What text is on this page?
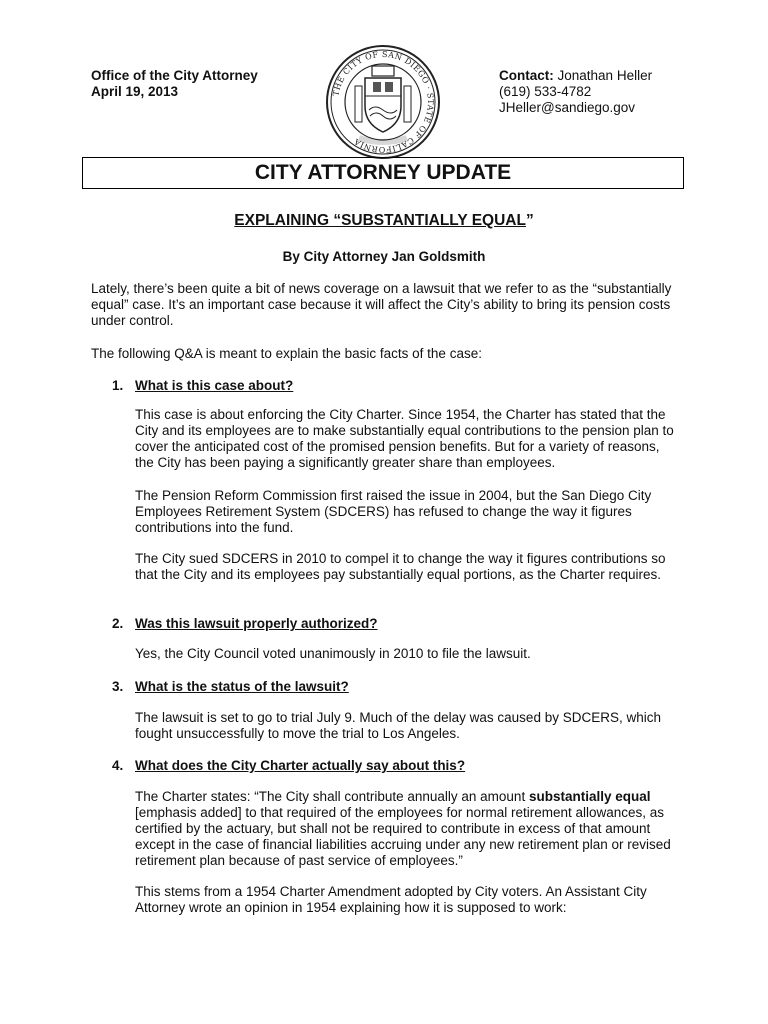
Office of the City Attorney
April 19, 2013	THE CITY OF SAN DIEGO · STATE OF CALIFORNIA
Contact: Jonathan Heller
(619) 533-4782
JHeller@sandiego.gov
CITY ATTORNEY UPDATE
EXPLAINING “SUBSTANTIALLY EQUAL”
By City Attorney Jan Goldsmith
Lately, there’s been quite a bit of news coverage on a lawsuit that we refer to as the “substantially equal” case. It’s an important case because it will affect the City’s ability to bring its pension costs under control.
The following Q&A is meant to explain the basic facts of the case:
1. What is this case about?
This case is about enforcing the City Charter. Since 1954, the Charter has stated that the City and its employees are to make substantially equal contributions to the pension plan to cover the anticipated cost of the promised pension benefits. But for a variety of reasons, the City has been paying a significantly greater share than employees.
The Pension Reform Commission first raised the issue in 2004, but the San Diego City Employees Retirement System (SDCERS) has refused to change the way it figures contributions into the fund.
The City sued SDCERS in 2010 to compel it to change the way it figures contributions so that the City and its employees pay substantially equal portions, as the Charter requires.
2. Was this lawsuit properly authorized?
Yes, the City Council voted unanimously in 2010 to file the lawsuit.
3. What is the status of the lawsuit?
The lawsuit is set to go to trial July 9. Much of the delay was caused by SDCERS, which fought unsuccessfully to move the trial to Los Angeles.
4. What does the City Charter actually say about this?
The Charter states: “The City shall contribute annually an amount substantially equal [emphasis added] to that required of the employees for normal retirement allowances, as certified by the actuary, but shall not be required to contribute in excess of that amount except in the case of financial liabilities accruing under any new retirement plan or revised retirement plan because of past service of employees.”
This stems from a 1954 Charter Amendment adopted by City voters. An Assistant City Attorney wrote an opinion in 1954 explaining how it is supposed to work:
